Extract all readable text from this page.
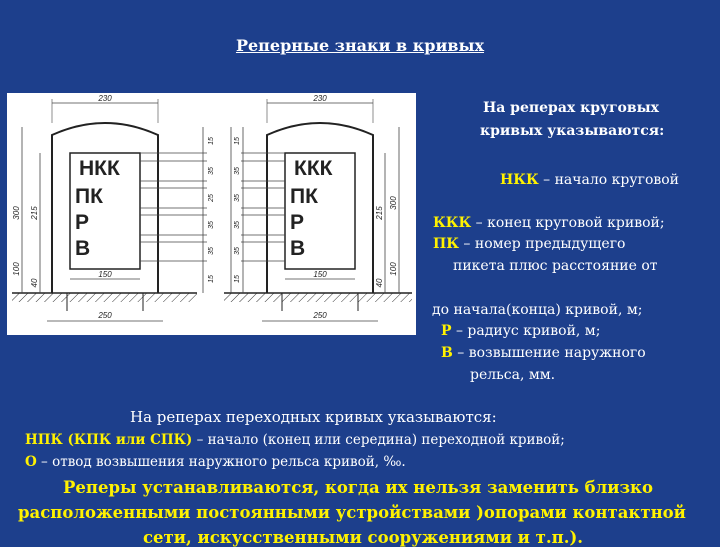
Реперные знаки в кривых
НКК
ПК
Р
В
230
150
250
300 215
100
40
15
35
25
35
35
15
ККК
ПК
Р
В
15
35
35
35
35
15
230
150
250
215
300
100
40
На реперах круговых
кривых указываются:
НКК – начало круговой
ККК – конец круговой кривой;
ПК – номер предыдущего
пикета плюс расстояние от
до начала(конца) кривой, м;
Р – радиус кривой, м;
В – возвышение наружного
рельса, мм.
На реперах переходных кривых указываются:
НПК (КПК или СПК) – начало (конец или середина) переходной кривой;
О – отвод возвышения наружного рельса кривой, ‰.
Реперы устанавливаются, когда их нельзя заменить близко
расположенными постоянными устройствами )опорами контактной
сети, искусственными сооружениями и т.п.).
